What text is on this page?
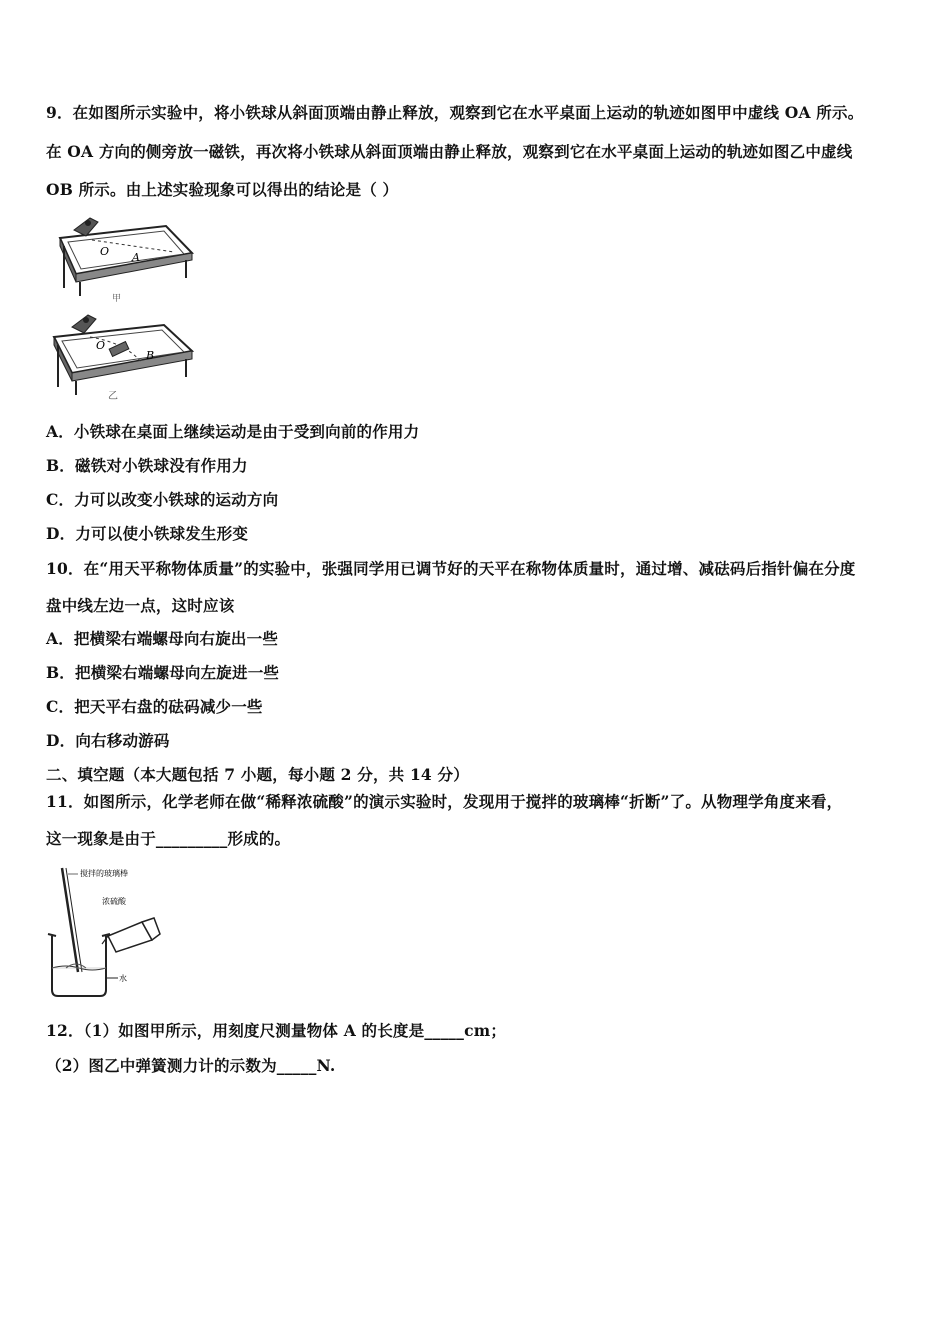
9．在如图所示实验中，将小铁球从斜面顶端由静止释放，观察到它在水平桌面上运动的轨迹如图甲中虚线 OA 所示。
在 OA 方向的侧旁放一磁铁，再次将小铁球从斜面顶端由静止释放，观察到它在水平桌面上运动的轨迹如图乙中虚线
OB 所示。由上述实验现象可以得出的结论是（ ）
O A
甲
O
B
乙
A．小铁球在桌面上继续运动是由于受到向前的作用力
B．磁铁对小铁球没有作用力
C．力可以改变小铁球的运动方向
D．力可以使小铁球发生形变
10．在“用天平称物体质量”的实验中，张强同学用已调节好的天平在称物体质量时，通过增、减砝码后指针偏在分度
盘中线左边一点，这时应该
A．把横梁右端螺母向右旋出一些
B．把横梁右端螺母向左旋进一些
C．把天平右盘的砝码减少一些
D．向右移动游码
二、填空题（本大题包括 7 小题，每小题 2 分，共 14 分）
11．如图所示，化学老师在做“稀释浓硫酸”的演示实验时，发现用于搅拌的玻璃棒“折断”了。从物理学角度来看，
这一现象是由于_________形成的。
搅拌的玻璃棒
水
浓硫酸
12．（1）如图甲所示，用刻度尺测量物体 A 的长度是_____cm；
（2）图乙中弹簧测力计的示数为_____N.
